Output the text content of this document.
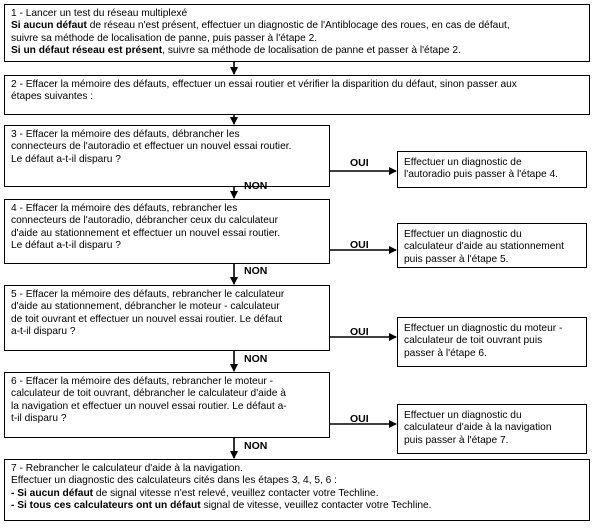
1 - Lancer un test du réseau multiplexé
Si aucun défaut de réseau n'est présent, effectuer un diagnostic de l'Antiblocage des roues, en cas de défaut,
suivre sa méthode de localisation de panne, puis passer à l'étape 2.
Si un défaut réseau est présent, suivre sa méthode de localisation de panne et passer à l'étape 2.
2 - Effacer la mémoire des défauts, effectuer un essai routier et vérifier la disparition du défaut, sinon passer aux
étapes suivantes :
3 - Effacer la mémoire des défauts, débrancher les
connecteurs de l'autoradio et effectuer un nouvel essai routier.
Le défaut a-t-il disparu ?	Effectuer un diagnostic de
l'autoradio puis passer à l'étape 4.
OUI
NON
4 - Effacer la mémoire des défauts, rebrancher les
connecteurs de l'autoradio, débrancher ceux du calculateur
d'aide au stationnement et effectuer un nouvel essai routier.
Le défaut a-t-il disparu ?
Effectuer un diagnostic du
calculateur d'aide au stationnement
puis passer à l'étape 5.
OUI
NON
5 - Effacer la mémoire des défauts, rebrancher le calculateur
d'aide au stationnement, débrancher le moteur - calculateur
de toit ouvrant et effectuer un nouvel essai routier. Le défaut
a-t-il disparu ?	Effectuer un diagnostic du moteur -
calculateur de toit ouvrant puis
passer à l'étape 6.
OUI
NON
6 - Effacer la mémoire des défauts, rebrancher le moteur -
calculateur de toit ouvrant, débrancher le calculateur d'aide à
la navigation et effectuer un nouvel essai routier. Le défaut a-
t-il disparu ?	Effectuer un diagnostic du
calculateur d'aide à la navigation
puis passer à l'étape 7.
OUI
NON
7 - Rebrancher le calculateur d'aide à la navigation.
Effectuer un diagnostic des calculateurs cités dans les étapes 3, 4, 5, 6 :
- Si aucun défaut de signal vitesse n'est relevé, veuillez contacter votre Techline.
- Si tous ces calculateurs ont un défaut signal de vitesse, veuillez contacter votre Techline.
